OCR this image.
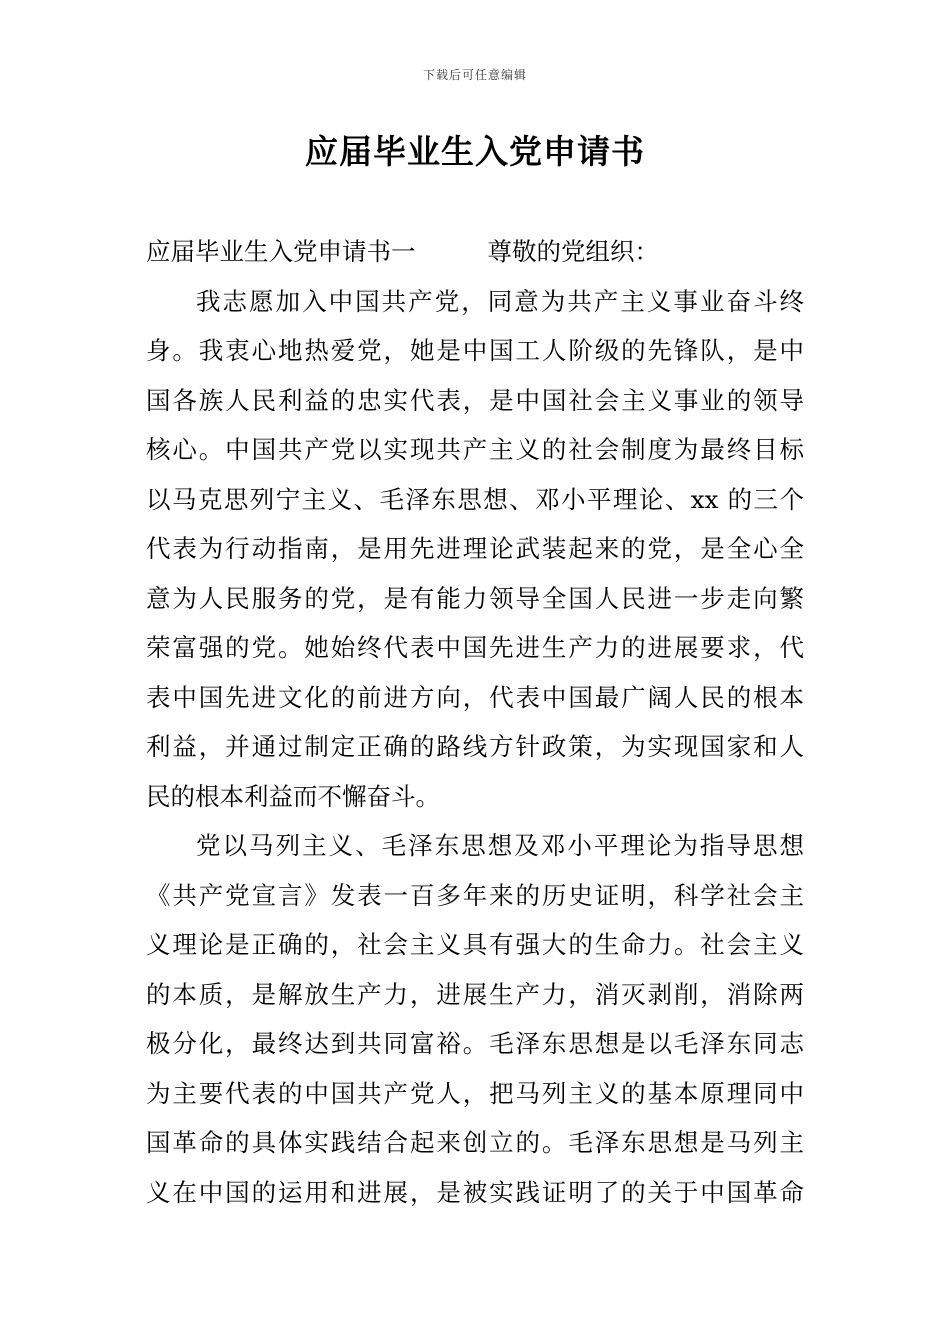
下载后可任意编辑
应届毕业生入党申请书
应届毕业生入党申请书一	尊敬的党组织：
我志愿加入中国共产党，同意为共产主义事业奋斗终
身。我衷心地热爱党，她是中国工人阶级的先锋队，是中
国各族人民利益的忠实代表，是中国社会主义事业的领导
核心。中国共产党以实现共产主义的社会制度为最终目标
以马克思列宁主义、毛泽东思想、邓小平理论、xx 的三个
代表为行动指南，是用先进理论武装起来的党，是全心全
意为人民服务的党，是有能力领导全国人民进一步走向繁
荣富强的党。她始终代表中国先进生产力的进展要求，代
表中国先进文化的前进方向，代表中国最广阔人民的根本
利益，并通过制定正确的路线方针政策，为实现国家和人
民的根本利益而不懈奋斗。
党以马列主义、毛泽东思想及邓小平理论为指导思想
《共产党宣言》发表一百多年来的历史证明，科学社会主
义理论是正确的，社会主义具有强大的生命力。社会主义
的本质，是解放生产力，进展生产力，消灭剥削，消除两
极分化，最终达到共同富裕。毛泽东思想是以毛泽东同志
为主要代表的中国共产党人，把马列主义的基本原理同中
国革命的具体实践结合起来创立的。毛泽东思想是马列主
义在中国的运用和进展，是被实践证明了的关于中国革命
